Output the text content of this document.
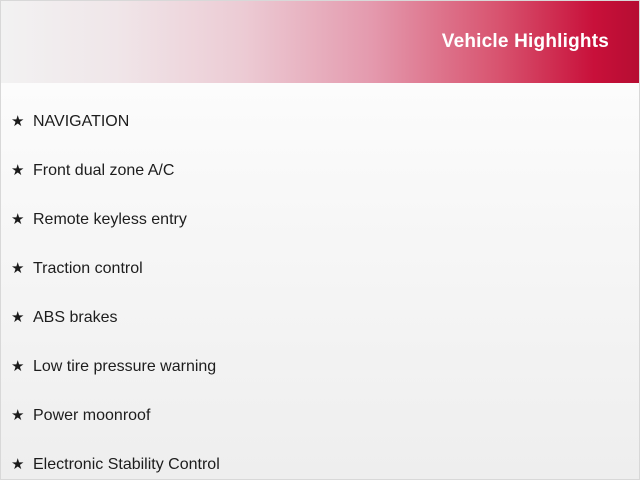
Vehicle Highlights
★ NAVIGATION
★ Front dual zone A/C
★ Remote keyless entry
★ Traction control
★ ABS brakes
★ Low tire pressure warning
★ Power moonroof
★ Electronic Stability Control
